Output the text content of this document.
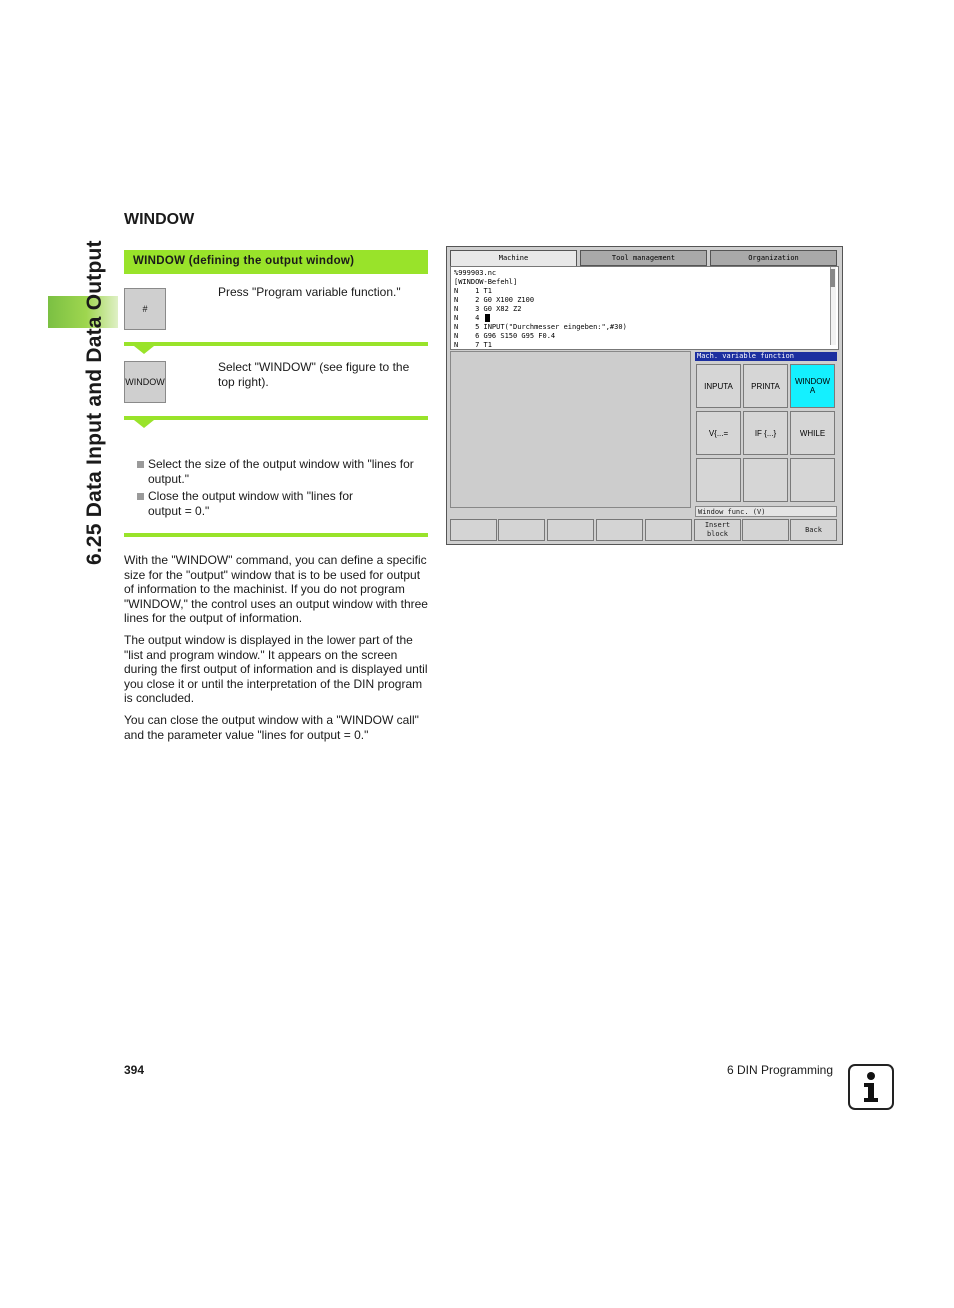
6.25 Data Input and Data Output
WINDOW
WINDOW (defining the output window)
#
Press "Program variable function."
WINDOW
Select "WINDOW" (see figure to the top right).
Select the size of the output window with "lines for output."
Close the output window with "lines for output = 0."
With the "WINDOW" command, you can define a specific size for the "output" window that is to be used for output of information to the machinist. If you do not program "WINDOW," the control uses an output window with three lines for the output of information.
The output window is displayed in the lower part of the "list and program window." It appears on the screen during the first output of information and is displayed until you close it or until the interpretation of the DIN program is concluded.
You can close the output window with a "WINDOW call" and the parameter value "lines for output = 0."
Machine	Tool management	Organization
%999903.nc
[WINDOW-Befehl]
N    1 T1
N    2 G0 X100 Z100
N    3 G0 X82 Z2
N    4
N    5 INPUT("Durchmesser eingeben:",#30)
N    6 G96 S150 G95 F0.4
N    7 T1
Mach. variable function
INPUTA	PRINTA	WINDOW
A
V{...=	IF {...}	WHILE
Window func. (V)
Insert
block
Back
394	6 DIN Programming
